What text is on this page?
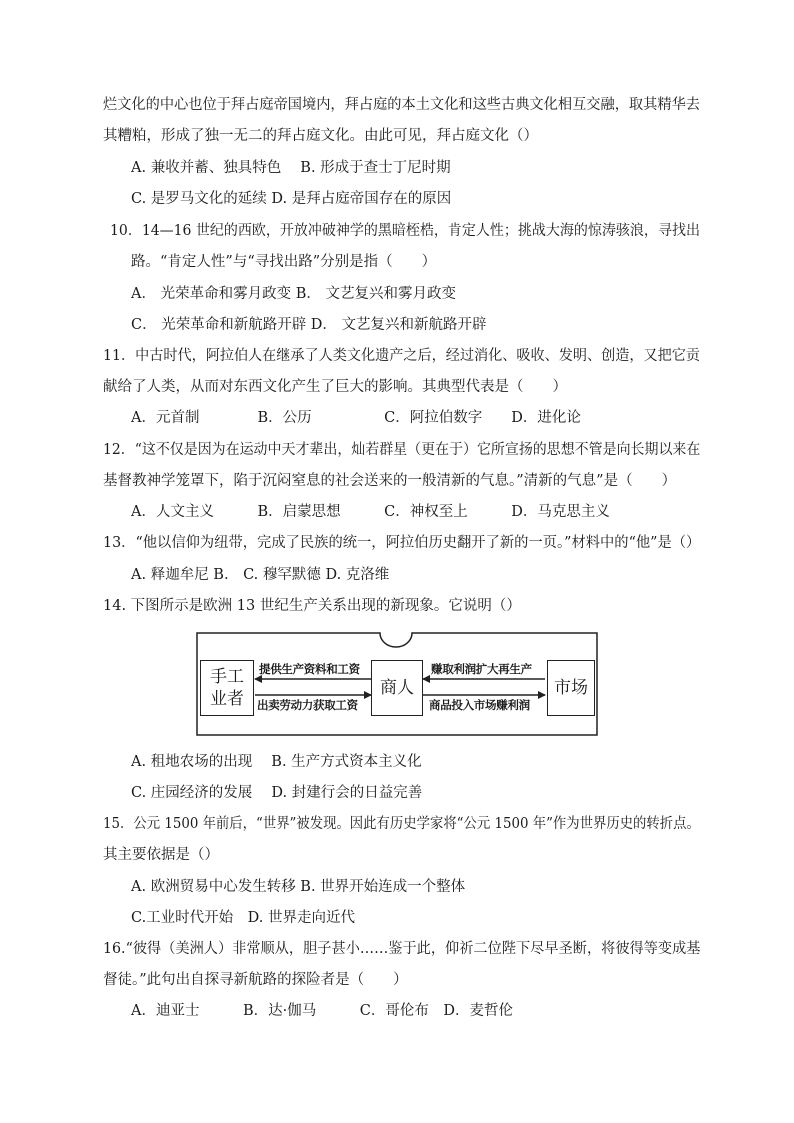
烂文化的中心也位于拜占庭帝国境内，拜占庭的本土文化和这些古典文化相互交融，取其精华去
其糟粕，形成了独一无二的拜占庭文化。由此可见，拜占庭文化（）
A. 兼收并蓄、独具特色　 B. 形成于查士丁尼时期
C. 是罗马文化的延续 D. 是拜占庭帝国存在的原因
10．14—16 世纪的西欧，开放冲破神学的黑暗桎梏，肯定人性；挑战大海的惊涛骇浪，寻找出
路。“肯定人性”与“寻找出路”分别是指（　　）
A． 光荣革命和雾月政变 B． 文艺复兴和雾月政变
C． 光荣革命和新航路开辟 D． 文艺复兴和新航路开辟
11．中古时代，阿拉伯人在继承了人类文化遗产之后，经过消化、吸收、发明、创造，又把它贡
献给了人类，从而对东西文化产生了巨大的影响。其典型代表是（　　）
A．元首制　　　　B．公历　　　　　C．阿拉伯数字　　D．进化论
12．“这不仅是因为在运动中天才辈出，灿若群星（更在于）它所宣扬的思想不管是向长期以来在
基督教神学笼罩下，陷于沉闷窒息的社会送来的一般清新的气息。”清新的气息”是（　　）
A．人文主义　　　B．启蒙思想　　　C．神权至上　　　D．马克思主义
13．“他以信仰为纽带，完成了民族的统一，阿拉伯历史翻开了新的一页。”材料中的“他”是（）
A. 释迦牟尼 B.　C. 穆罕默德 D. 克洛维
14. 下图所示是欧洲 13 世纪生产关系出现的新现象。它说明（）
手工
业者
商人	市场
提供生产资料和工资
出卖劳动力获取工资
赚取利润扩大再生产
商品投入市场赚利润
A. 租地农场的出现　 B. 生产方式资本主义化
C. 庄园经济的发展　 D. 封建行会的日益完善
15．公元 1500 年前后，“世界”被发现。因此有历史学家将“公元 1500 年”作为世界历史的转折点。
其主要依据是（）
A. 欧洲贸易中心发生转移 B. 世界开始连成一个整体
C.工业时代开始　D. 世界走向近代
16.“彼得（美洲人）非常顺从，胆子甚小……鉴于此，仰祈二位陛下尽早圣断，将彼得等变成基
督徒。”此句出自探寻新航路的探险者是（　　）
A．迪亚士　　　B．达·伽马　　　C．哥伦布　D．麦哲伦
